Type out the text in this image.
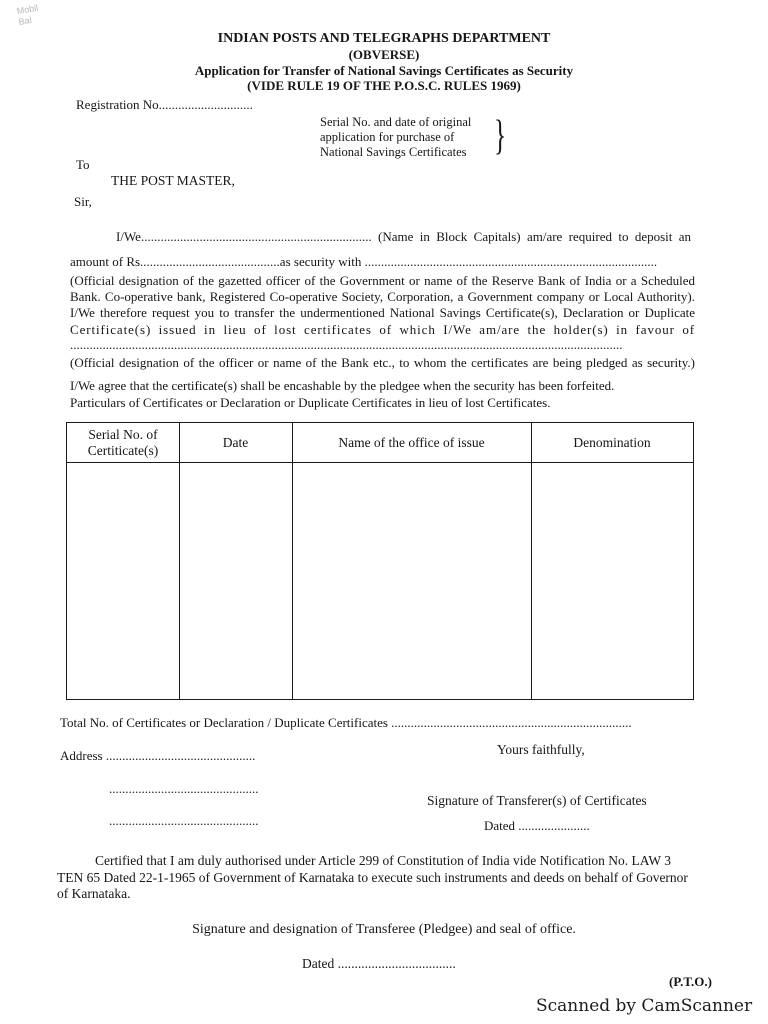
Mobil
Bal
INDIAN POSTS AND TELEGRAPHS DEPARTMENT
(OBVERSE)
Application for Transfer of National Savings Certificates as Security
(VIDE RULE 19 OF THE P.O.S.C. RULES 1969)
Registration No.............................
Serial No. and date of original
application for purchase of
National Savings Certificates }
To
THE POST MASTER,
Sir,
I/We....................................................................... (Name in Block Capitals) am/are required to deposit an
amount of Rs...........................................as security with ..........................................................................................
(Official designation of the gazetted officer of the Government or name of the Reserve Bank of India or a Scheduled
Bank. Co-operative bank, Registered Co-operative Society, Corporation, a Government company or Local Authority).
I/We therefore request you to transfer the undermentioned National Savings Certificate(s), Declaration or Duplicate
Certificate(s) issued in lieu of lost certificates of which I/We am/are the holder(s) in favour of
..........................................................................................................................................................................
(Official designation of the officer or name of the Bank etc., to whom the certificates are being pledged as security.)
I/We agree that the certificate(s) shall be encashable by the pledgee when the security has been forfeited.
Particulars of Certificates or Declaration or Duplicate Certificates in lieu of lost Certificates.
Serial No. of Certiticate(s)
Date	Name of the office of issue	Denomination
Total No. of Certificates or Declaration / Duplicate Certificates ..........................................................................
Address ..............................................
..............................................
..............................................
Yours faithfully,
Signature of Transferer(s) of Certificates
Dated ......................
Certified that I am duly authorised under Article 299 of Constitution of India vide Notification No. LAW 3
TEN 65 Dated 22-1-1965 of Government of Karnataka to execute such instruments and deeds on behalf of Governor
of Karnataka.
Signature and designation of Transferee (Pledgee) and seal of office.
Dated ...................................
(P.T.O.)
Scanned by CamScanner
